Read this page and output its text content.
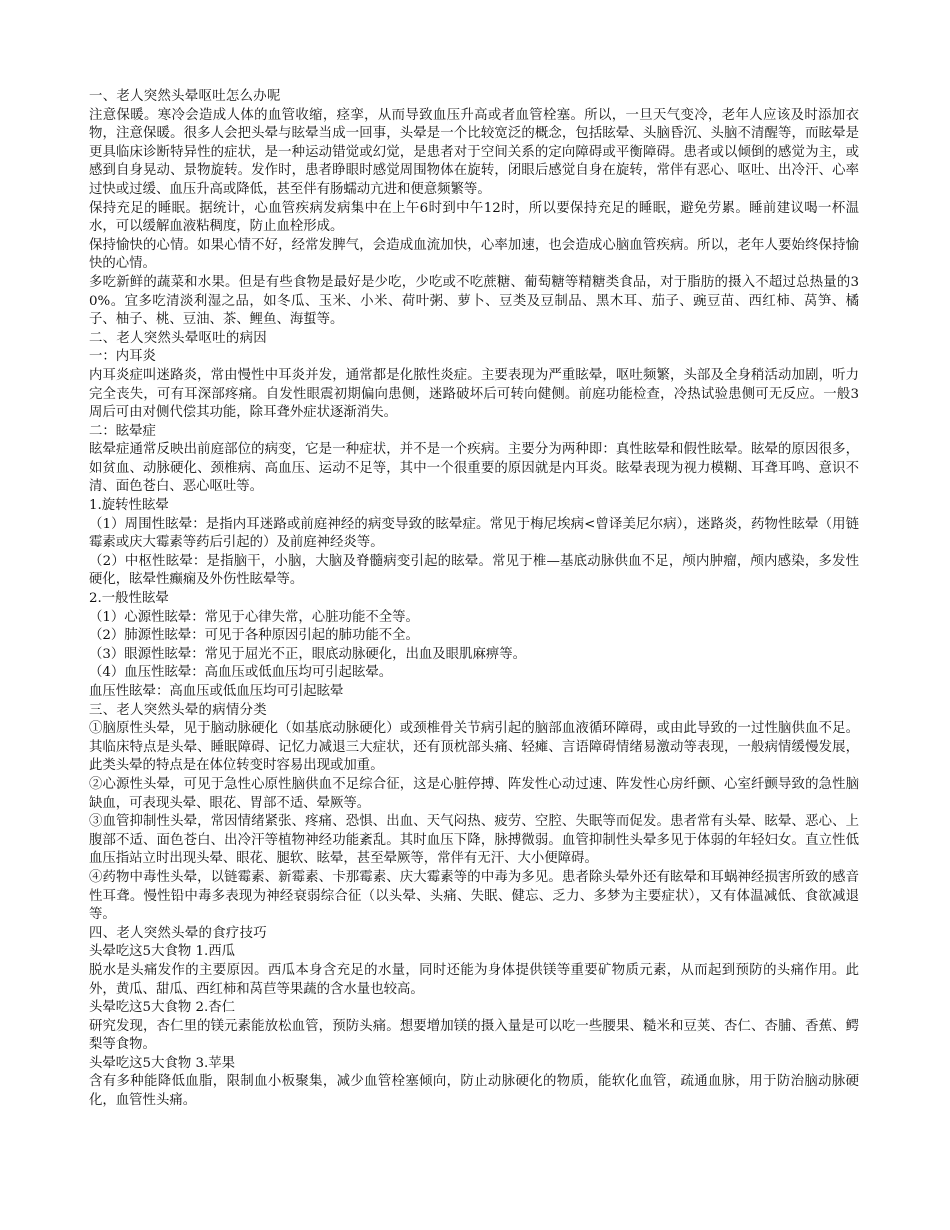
一、老人突然头晕呕吐怎么办呢

注意保暖。寒冷会造成人体的血管收缩，痉挛，从而导致血压升高或者血管栓塞。所以，一旦天气变冷，老年人应该及时添加衣物，注意保暖。很多人会把头晕与眩晕当成一回事，头晕是一个比较宽泛的概念，包括眩晕、头脑昏沉、头脑不清醒等，而眩晕是更具临床诊断特异性的症状，是一种运动错觉或幻觉，是患者对于空间关系的定向障碍或平衡障碍。患者或以倾倒的感觉为主，或感到自身晃动、景物旋转。发作时，患者睁眼时感觉周围物体在旋转，闭眼后感觉自身在旋转，常伴有恶心、呕吐、出冷汗、心率过快或过缓、血压升高或降低，甚至伴有肠蠕动亢进和便意频繁等。

保持充足的睡眠。据统计，心血管疾病发病集中在上午6时到中午12时，所以要保持充足的睡眠，避免劳累。睡前建议喝一杯温水，可以缓解血液粘稠度，防止血栓形成。

保持愉快的心情。如果心情不好，经常发脾气，会造成血流加快，心率加速，也会造成心脑血管疾病。所以，老年人要始终保持愉快的心情。

多吃新鲜的蔬菜和水果。但是有些食物是最好是少吃，少吃或不吃蔗糖、葡萄糖等精糖类食品，对于脂肪的摄入不超过总热量的30%。宜多吃清淡利湿之品，如冬瓜、玉米、小米、荷叶粥、萝卜、豆类及豆制品、黑木耳、茄子、豌豆苗、西红柿、莴笋、橘子、柚子、桃、豆油、茶、鲤鱼、海蜇等。

二、老人突然头晕呕吐的病因

一：内耳炎

内耳炎症叫迷路炎，常由慢性中耳炎并发，通常都是化脓性炎症。主要表现为严重眩晕，呕吐频繁，头部及全身稍活动加剧，听力完全丧失，可有耳深部疼痛。自发性眼震初期偏向患侧，迷路破坏后可转向健侧。前庭功能检查，冷热试验患侧可无反应。一般3周后可由对侧代偿其功能，除耳聋外症状逐渐消失。

二：眩晕症

眩晕症通常反映出前庭部位的病变，它是一种症状，并不是一个疾病。主要分为两种即：真性眩晕和假性眩晕。眩晕的原因很多，如贫血、动脉硬化、颈椎病、高血压、运动不足等，其中一个很重要的原因就是内耳炎。眩晕表现为视力模糊、耳聋耳鸣、意识不清、面色苍白、恶心呕吐等。

1.旋转性眩晕

（1）周围性眩晕：是指内耳迷路或前庭神经的病变导致的眩晕症。常见于梅尼埃病<曾译美尼尔病），迷路炎，药物性眩晕（用链霉素或庆大霉素等药后引起的）及前庭神经炎等。

（2）中枢性眩晕：是指脑干，小脑，大脑及脊髓病变引起的眩晕。常见于椎—基底动脉供血不足，颅内肿瘤，颅内感染，多发性硬化，眩晕性癫痫及外伤性眩晕等。

2.一般性眩晕

（1）心源性眩晕：常见于心律失常，心脏功能不全等。

（2）肺源性眩晕：可见于各种原因引起的肺功能不全。

（3）眼源性眩晕：常见于屈光不正，眼底动脉硬化，出血及眼肌麻痹等。

（4）血压性眩晕：高血压或低血压均可引起眩晕。

血压性眩晕：高血压或低血压均可引起眩晕

三、老人突然头晕的病情分类

①脑原性头晕，见于脑动脉硬化（如基底动脉硬化）或颈椎骨关节病引起的脑部血液循环障碍，或由此导致的一过性脑供血不足。其临床特点是头晕、睡眠障碍、记忆力减退三大症状，还有顶枕部头痛、轻瘫、言语障碍情绪易激动等表现，一般病情缓慢发展，此类头晕的特点是在体位转变时容易出现或加重。

②心源性头晕，可见于急性心原性脑供血不足综合征，这是心脏停搏、阵发性心动过速、阵发性心房纤颤、心室纤颤导致的急性脑缺血，可表现头晕、眼花、胃部不适、晕厥等。

③血管抑制性头晕，常因情绪紧张、疼痛、恐惧、出血、天气闷热、疲劳、空腔、失眠等而促发。患者常有头晕、眩晕、恶心、上腹部不适、面色苍白、出冷汗等植物神经功能紊乱。其时血压下降，脉搏微弱。血管抑制性头晕多见于体弱的年轻妇女。直立性低血压指站立时出现头晕、眼花、腿软、眩晕，甚至晕厥等，常伴有无汗、大小便障碍。

④药物中毒性头晕，以链霉素、新霉素、卡那霉素、庆大霉素等的中毒为多见。患者除头晕外还有眩晕和耳蜗神经损害所致的感音性耳聋。慢性铅中毒多表现为神经衰弱综合征（以头晕、头痛、失眠、健忘、乏力、多梦为主要症状），又有体温减低、食欲减退等。

四、老人突然头晕的食疗技巧

头晕吃这5大食物 1.西瓜

脱水是头痛发作的主要原因。西瓜本身含充足的水量，同时还能为身体提供镁等重要矿物质元素，从而起到预防的头痛作用。此外，黄瓜、甜瓜、西红柿和莴苣等果蔬的含水量也较高。

头晕吃这5大食物 2.杏仁

研究发现，杏仁里的镁元素能放松血管，预防头痛。想要增加镁的摄入量是可以吃一些腰果、糙米和豆荚、杏仁、杏脯、香蕉、鳄梨等食物。

头晕吃这5大食物 3.苹果

含有多种能降低血脂，限制血小板聚集，减少血管栓塞倾向，防止动脉硬化的物质，能软化血管，疏通血脉，用于防治脑动脉硬化，血管性头痛。
